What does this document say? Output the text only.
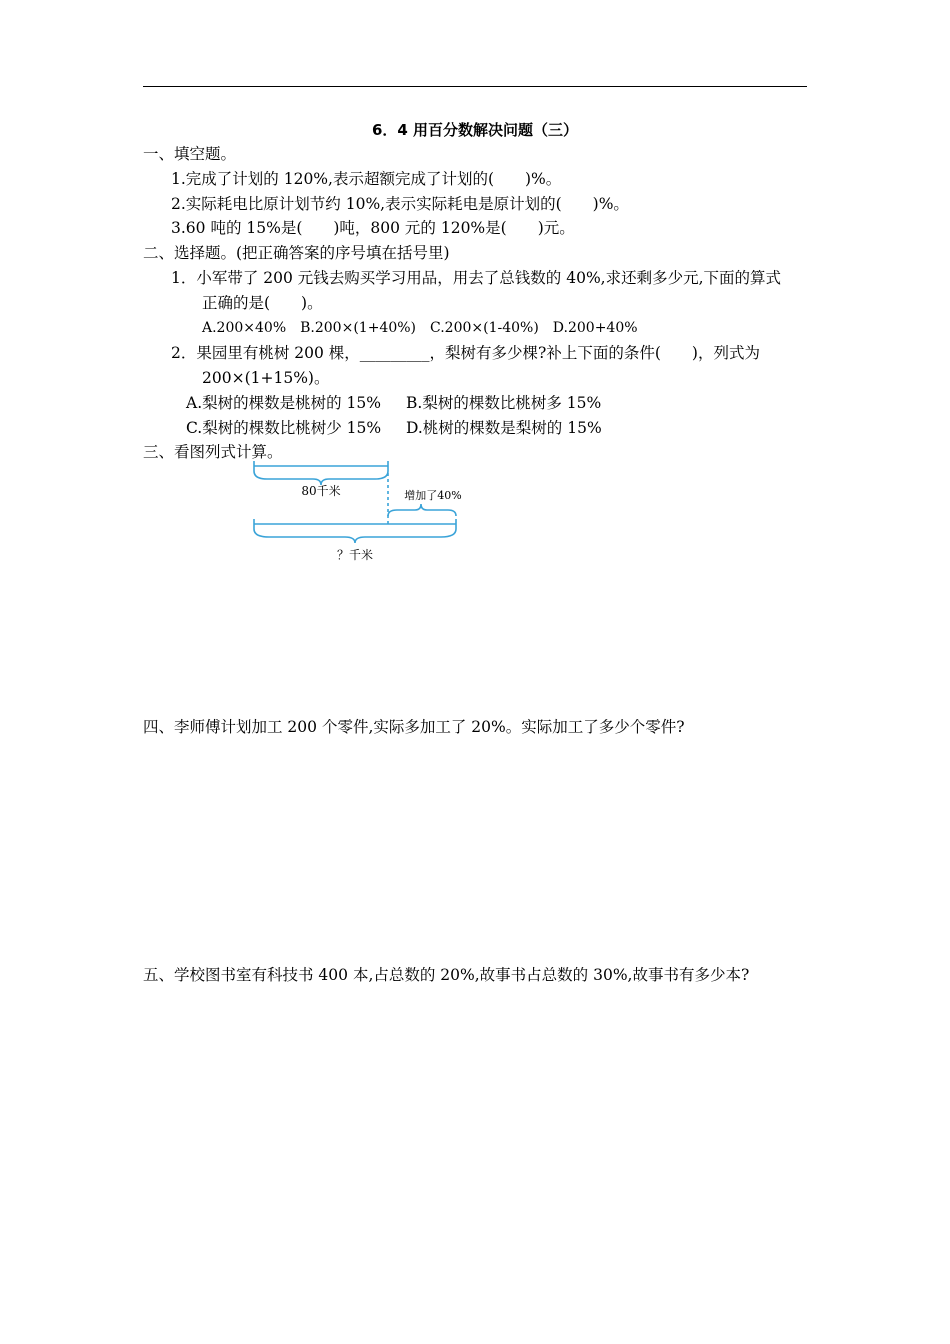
6．4 用百分数解决问题（三）
一、填空题。
1.完成了计划的 120%,表示超额完成了计划的(　　)%。
2.实际耗电比原计划节约 10%,表示实际耗电是原计划的(　　)%。
3.60 吨的 15%是(　　)吨，800 元的 120%是(　　)元。
二、选择题。(把正确答案的序号填在括号里)
1．小军带了 200 元钱去购买学习用品，用去了总钱数的 40%,求还剩多少元,下面的算式
正确的是(　　)。
A.200×40%　B.200×(1+40%)　C.200×(1-40%)　D.200+40%
2．果园里有桃树 200 棵，_________，梨树有多少棵?补上下面的条件(　　)，列式为
200×(1+15%)。
A.梨树的棵数是桃树的 15% B.梨树的棵数比桃树多 15%
C.梨树的棵数比桃树少 15% D.桃树的棵数是梨树的 15%
三、看图列式计算。
80千米	增加了40%
？千米
四、李师傅计划加工 200 个零件,实际多加工了 20%。实际加工了多少个零件?
五、学校图书室有科技书 400 本,占总数的 20%,故事书占总数的 30%,故事书有多少本?
